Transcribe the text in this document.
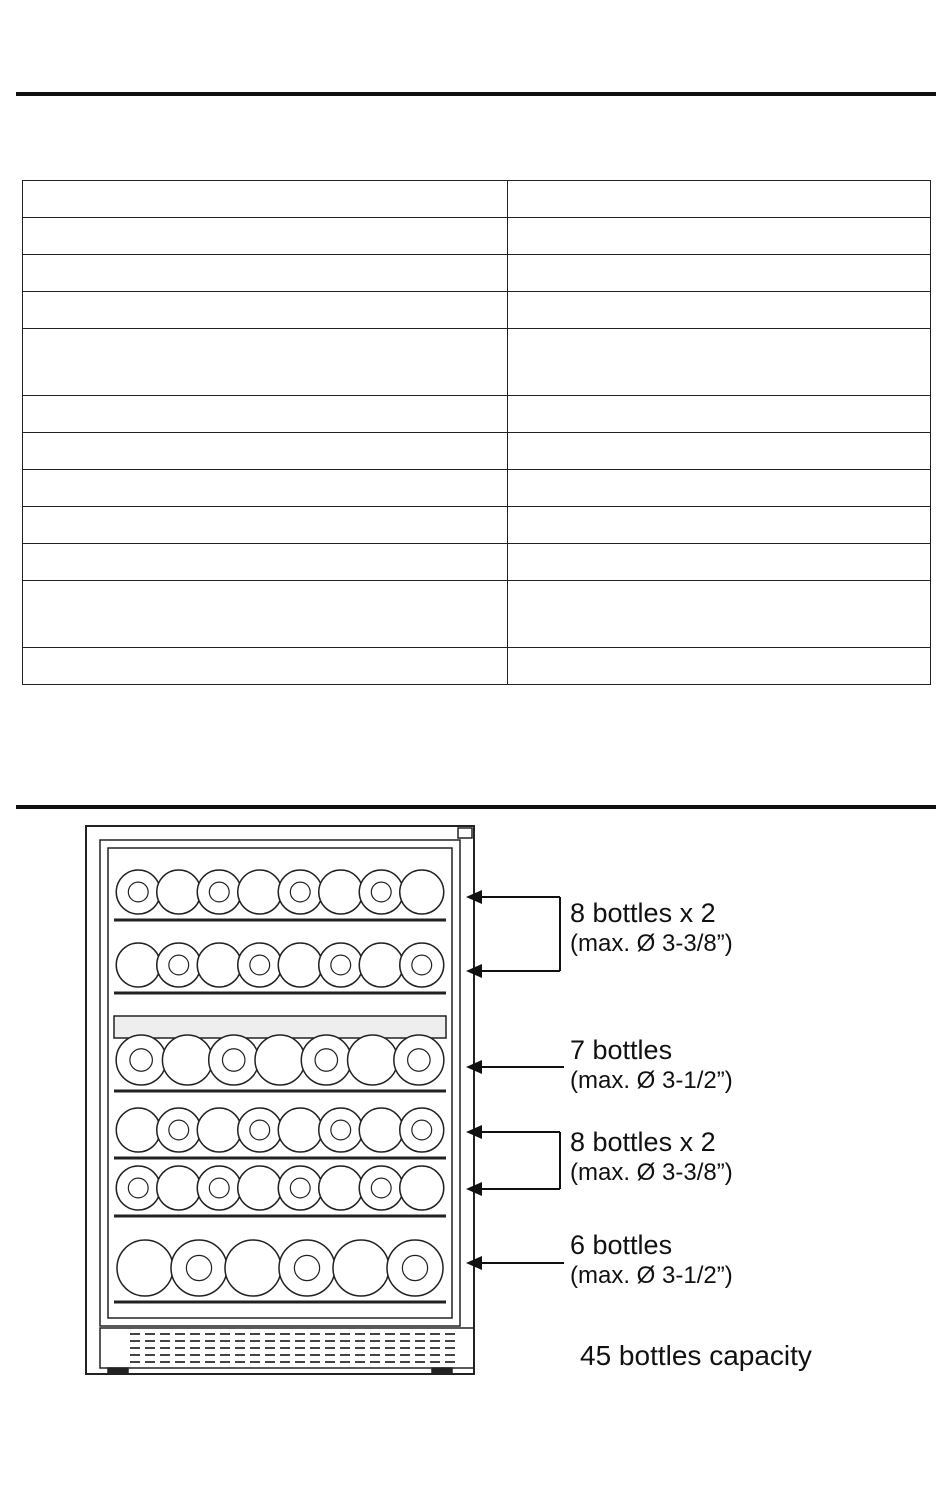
8 bottles x 2
(max. Ø 3-3/8”)
7 bottles
(max. Ø 3-1/2”)
8 bottles x 2
(max. Ø 3-3/8”)
6 bottles
(max. Ø 3-1/2”)
45 bottles capacity
